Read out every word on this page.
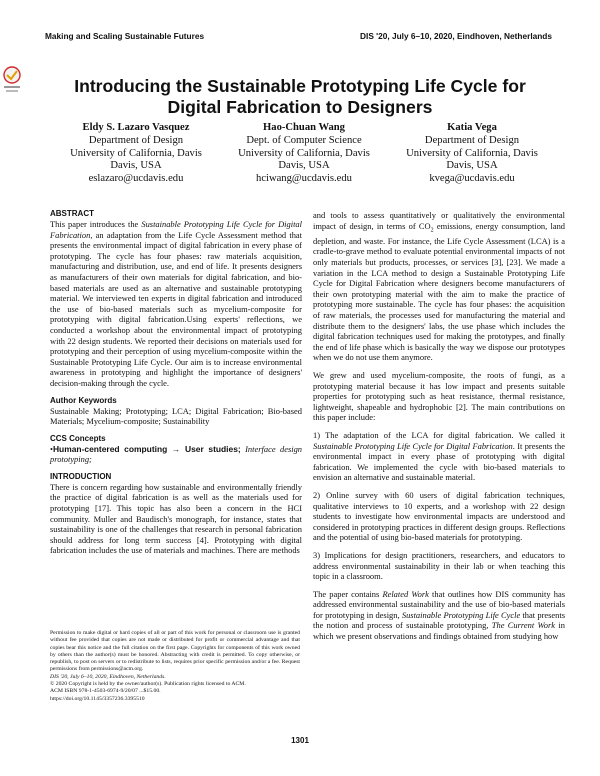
Making and Scaling Sustainable Futures	DIS '20, July 6–10, 2020, Eindhoven, Netherlands
Introducing the Sustainable Prototyping Life Cycle for
Digital Fabrication to Designers
Eldy S. Lazaro Vasquez
Department of Design
University of California, Davis
Davis, USA
eslazaro@ucdavis.edu
Hao-Chuan Wang
Dept. of Computer Science
University of California, Davis
Davis, USA
hciwang@ucdavis.edu
Katia Vega
Department of Design
University of California, Davis
Davis, USA
kvega@ucdavis.edu
ABSTRACT
This paper introduces the Sustainable Prototyping Life Cycle for Digital Fabrication, an adaptation from the Life Cycle Assessment method that presents the environmental impact of digital fabrication in every phase of prototyping. The cycle has four phases: raw materials acquisition, manufacturing and distribution, use, and end of life. It presents designers as manufacturers of their own materials for digital fabrication, and bio-based materials are used as an alternative and sustainable prototyping material. We interviewed ten experts in digital fabrication and introduced the use of bio-based materials such as mycelium-composite for prototyping with digital fabrication.Using experts' reflections, we conducted a workshop about the environmental impact of prototyping with 22 design students. We reported their decisions on materials used for prototyping and their perception of using mycelium-composite within the Sustainable Prototyping Life Cycle. Our aim is to increase environmental awareness in prototyping and highlight the importance of designers' decision-making through the cycle.
Author Keywords
Sustainable Making; Prototyping; LCA; Digital Fabrication; Bio-based Materials; Mycelium-composite; Sustainability
CCS Concepts
•Human-centered computing → User studies; Interface design prototyping;
INTRODUCTION
There is concern regarding how sustainable and environmentally friendly the practice of digital fabrication is as well as the materials used for prototyping [17]. This topic has also been a concern in the HCI community. Muller and Baudisch's monograph, for instance, states that sustainability is one of the challenges that research in personal fabrication should address for long term success [4]. Prototyping with digital fabrication includes the use of materials and machines. There are methods

Permission to make digital or hard copies of all or part of this work for personal or classroom use is granted without fee provided that copies are not made or distributed for profit or commercial advantage and that copies bear this notice and the full citation on the first page. Copyrights for components of this work owned by others than the author(s) must be honored. Abstracting with credit is permitted. To copy otherwise, or republish, to post on servers or to redistribute to lists, requires prior specific permission and/or a fee. Request permissions from permissions@acm.org.

DIS '20, July 6–10, 2020, Eindhoven, Netherlands.

© 2020 Copyright is held by the owner/author(s). Publication rights licensed to ACM.

ACM ISBN 978-1-4503-6974-9/20/07 ...$15.00.

https://doi.org/10.1145/3357236.3395510

and tools to assess quantitatively or qualitatively the environmental impact of design, in terms of $CO_2$ emissions, energy consumption, land depletion, and waste. For instance, the Life Cycle Assessment (LCA) is a cradle-to-grave method to evaluate potential environmental impacts of not only materials but products, processes, or services [3], [23]. We made a variation in the LCA method to design a Sustainable Prototyping Life Cycle for Digital Fabrication where designers become manufacturers of their own prototyping material with the aim to make the practice of prototyping more sustainable. The cycle has four phases: the acquisition of raw materials, the processes used for manufacturing the material and distribute them to the designers' labs, the use phase which includes the digital fabrication techniques used for making the prototypes, and finally the end of life phase which is basically the way we dispose our prototypes when we do not use them anymore.
We grew and used mycelium-composite, the roots of fungi, as a prototyping material because it has low impact and presents suitable properties for prototyping such as heat resistance, thermal resistance, lightweight, shapeable and hydrophobic [2]. The main contributions on this paper include:
1) The adaptation of the LCA for digital fabrication. We called it Sustainable Prototyping Life Cycle for Digital Fabrication. It presents the environmental impact in every phase of prototyping with digital fabrication. We implemented the cycle with bio-based materials to envision an alternative and sustainable material.
2) Online survey with 60 users of digital fabrication techniques, qualitative interviews to 10 experts, and a workshop with 22 design students to investigate how environmental impacts are understood and considered in prototyping practices in different design groups. Reflections and the potential of using bio-based materials for prototyping.
3) Implications for design practitioners, researchers, and educators to address environmental sustainability in their lab or when teaching this topic in a classroom.
The paper contains Related Work that outlines how DIS community has addressed environmental sustainability and the use of bio-based materials for prototyping in design, Sustainable Prototyping Life Cycle that presents the notion and process of sustainable prototyping, The Current Work in which we present observations and findings obtained from studying how
1301
